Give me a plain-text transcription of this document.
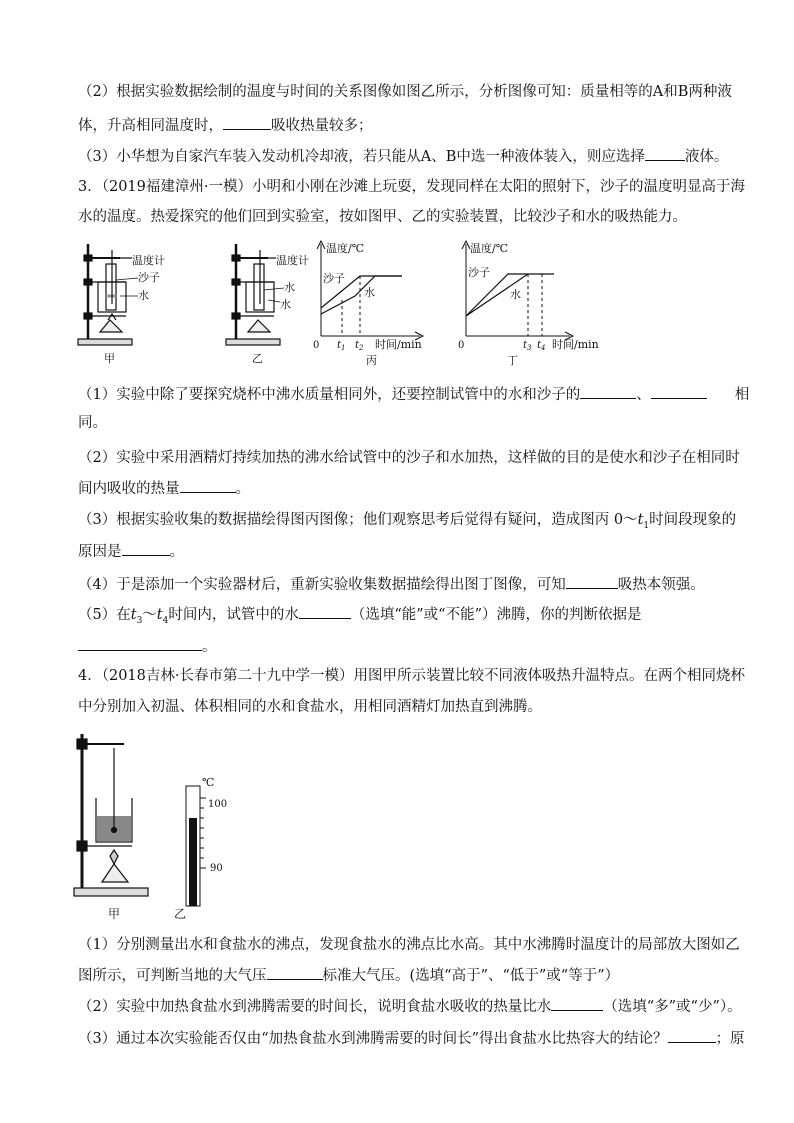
（2）根据实验数据绘制的温度与时间的关系图像如图乙所示，分析图像可知：质量相等的A和B两种液
体，升高相同温度时，	吸收热量较多；
（3）小华想为自家汽车装入发动机冷却液，若只能从A、B中选一种液体装入，则应选择	液体。
3．（2019福建漳州·一模）小明和小刚在沙滩上玩耍，发现同样在太阳的照射下，沙子的温度明显高于海
水的温度。热爱探究的他们回到实验室，按如图甲、乙的实验装置，比较沙子和水的吸热能力。
温度计
沙子
水
甲
温度计
水
水
乙
温度/℃
沙子
水
0 $t_1$ $t_2$ 时间/min
丙
温度/℃
沙子
水
0	$t_3$ $t_4$ 时间/min
丁
（1）实验中除了要探究烧杯中沸水质量相同外，还要控制试管中的水和沙子的	、	相
同。
（2）实验中采用酒精灯持续加热的沸水给试管中的沙子和水加热，这样做的目的是使水和沙子在相同时
间内吸收的热量	。
（3）根据实验收集的数据描绘得图丙图像；他们观察思考后觉得有疑问，造成图丙 $0\sim t_1$时间段现象的
原因是	。
（4）于是添加一个实验器材后，重新实验收集数据描绘得出图丁图像，可知	吸热本领强。
（5）在$t_3\sim t_4$时间内，试管中的水	（选填“能”或“不能”）沸腾，你的判断依据是
。
4．（2018吉林·长春市第二十九中学一模）用图甲所示装置比较不同液体吸热升温特点。在两个相同烧杯
中分别加入初温、体积相同的水和食盐水，用相同酒精灯加热直到沸腾。
甲
℃
100
90
乙
（1）分别测量出水和食盐水的沸点，发现食盐水的沸点比水高。其中水沸腾时温度计的局部放大图如乙
图所示，可判断当地的大气压	标准大气压。(选填“高于”、“低于”或“等于”）
（2）实验中加热食盐水到沸腾需要的时间长，说明食盐水吸收的热量比水	（选填“多”或“少”）。
（3）通过本次实验能否仅由“加热食盐水到沸腾需要的时间长”得出食盐水比热容大的结论？	；原
